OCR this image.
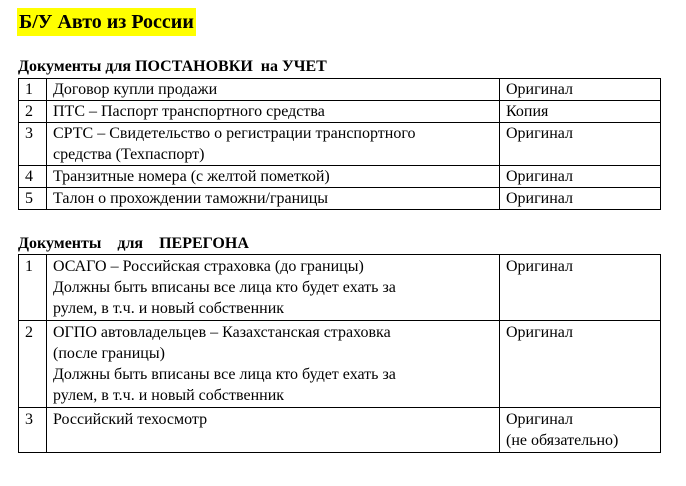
Б/У Авто из России
Документы для ПОСТАНОВКИ  на УЧЕТ
1	Договор купли продажи	Оригинал
2	ПТС – Паспорт транспортного средства	Копия
3	СРТС – Свидетельство о регистрации транспортного
средства (Техпаспорт)	Оригинал
4	Транзитные номера (с желтой пометкой)	Оригинал
5	Талон о прохождении таможни/границы	Оригинал
Документы    для    ПЕРЕГОНА
1	ОСАГО – Российская страховка (до границы)
Должны быть вписаны все лица кто будет ехать за
рулем, в т.ч. и новый собственник	Оригинал
2	ОГПО автовладельцев – Казахстанская страховка
(после границы)
Должны быть вписаны все лица кто будет ехать за
рулем, в т.ч. и новый собственник	Оригинал
3	Российский техосмотр	Оригинал
(не обязательно)
